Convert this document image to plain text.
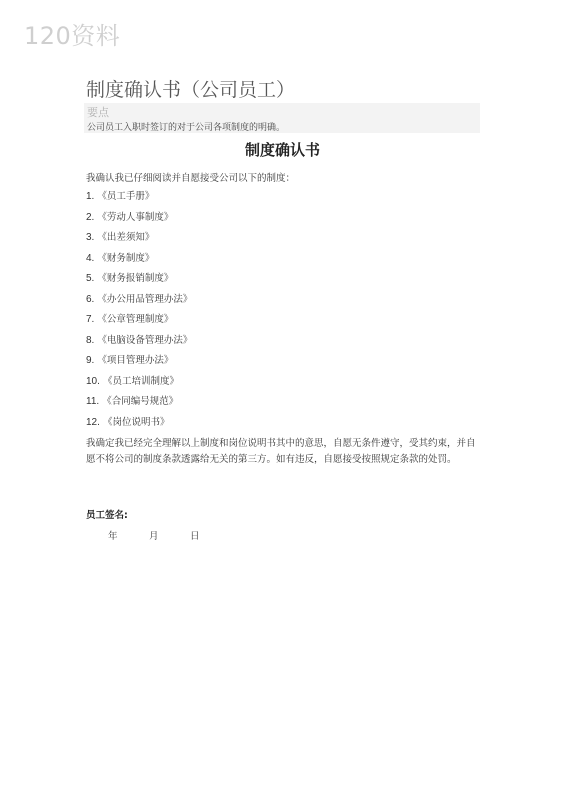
120资料
制度确认书（公司员工）
要点
公司员工入职时签订的对于公司各项制度的明确。
制度确认书
我确认我已仔细阅读并自愿接受公司以下的制度：
1. 《员工手册》
2. 《劳动人事制度》
3. 《出差须知》
4. 《财务制度》
5. 《财务报销制度》
6. 《办公用品管理办法》
7. 《公章管理制度》
8. 《电脑设备管理办法》
9. 《项目管理办法》
10. 《员工培训制度》
11. 《合同编号规范》
12. 《岗位说明书》
我确定我已经完全理解以上制度和岗位说明书其中的意思，自愿无条件遵守，受其约束，并自愿不将公司的制度条款透露给无关的第三方。如有违反，自愿接受按照规定条款的处罚。
员工签名:
年	月	日
